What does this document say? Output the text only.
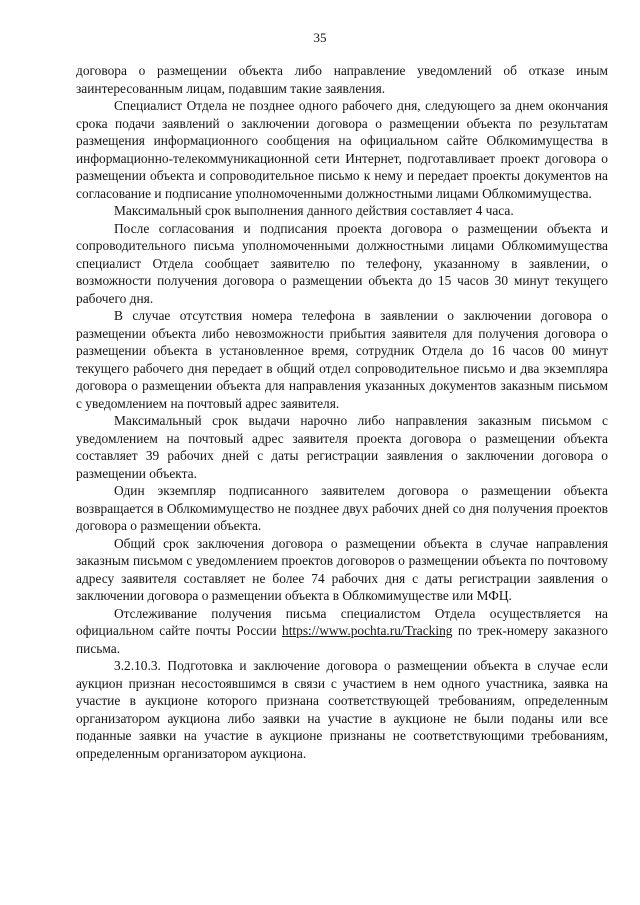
35

договора о размещении объекта либо направление уведомлений об отказе иным заинтересованным лицам, подавшим такие заявления.

Специалист Отдела не позднее одного рабочего дня, следующего за днем окончания срока подачи заявлений о заключении договора о размещении объекта по результатам размещения информационного сообщения на официальном сайте Облкомимущества в информационно-телекоммуникационной сети Интернет, подготавливает проект договора о размещении объекта и сопроводительное письмо к нему и передает проекты документов на согласование и подписание уполномоченными должностными лицами Облкомимущества.

Максимальный срок выполнения данного действия составляет 4 часа.

После согласования и подписания проекта договора о размещении объекта и сопроводительного письма уполномоченными должностными лицами Облкомимущества специалист Отдела сообщает заявителю по телефону, указанному в заявлении, о возможности получения договора о размещении объекта до 15 часов 30 минут текущего рабочего дня.

В случае отсутствия номера телефона в заявлении о заключении договора о размещении объекта либо невозможности прибытия заявителя для получения договора о размещении объекта в установленное время, сотрудник Отдела до 16 часов 00 минут текущего рабочего дня передает в общий отдел сопроводительное письмо и два экземпляра договора о размещении объекта для направления указанных документов заказным письмом с уведомлением на почтовый адрес заявителя.

Максимальный срок выдачи нарочно либо направления заказным письмом с уведомлением на почтовый адрес заявителя проекта договора о размещении объекта составляет 39 рабочих дней с даты регистрации заявления о заключении договора о размещении объекта.

Один экземпляр подписанного заявителем договора о размещении объекта возвращается в Облкомимущество не позднее двух рабочих дней со дня получения проектов договора о размещении объекта.

Общий срок заключения договора о размещении объекта в случае направления заказным письмом с уведомлением проектов договоров о размещении объекта по почтовому адресу заявителя составляет не более 74 рабочих дня с даты регистрации заявления о заключении договора о размещении объекта в Облкомимуществе или МФЦ.

Отслеживание получения письма специалистом Отдела осуществляется на официальном сайте почты России https://www.pochta.ru/Tracking по трек-номеру заказного письма.

3.2.10.3. Подготовка и заключение договора о размещении объекта в случае если аукцион признан несостоявшимся в связи с участием в нем одного участника, заявка на участие в аукционе которого признана соответствующей требованиям, определенным организатором аукциона либо заявки на участие в аукционе не были поданы или все поданные заявки на участие в аукционе признаны не соответствующими требованиям, определенным организатором аукциона.
